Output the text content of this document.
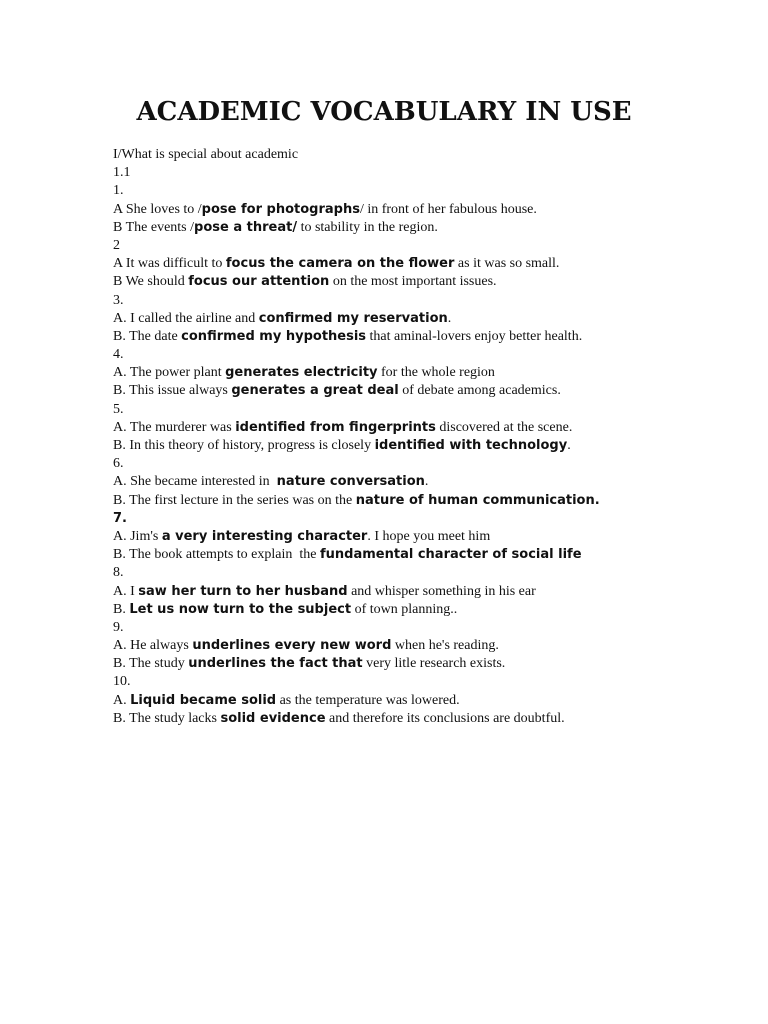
ACADEMIC VOCABULARY IN USE
I/What is special about academic
1.1
1.
A She loves to /pose for photographs/ in front of her fabulous house.
B The events /pose a threat/ to stability in the region.
2
A It was difficult to focus the camera on the flower as it was so small.
B We should focus our attention on the most important issues.
3.
A. I called the airline and confirmed my reservation.
B. The date confirmed my hypothesis that aminal-lovers enjoy better health.
4.
A. The power plant generates electricity for the whole region
B. This issue always generates a great deal of debate among academics.
5.
A. The murderer was identified from fingerprints discovered at the scene.
B. In this theory of history, progress is closely identified with technology.
6.
A. She became interested in  nature conversation.
B. The first lecture in the series was on the nature of human communication.
7.
A. Jim's a very interesting character. I hope you meet him
B. The book attempts to explain  the fundamental character of social life
8.
A. I saw her turn to her husband and whisper something in his ear
B. Let us now turn to the subject of town planning..
9.
A. He always underlines every new word when he's reading.
B. The study underlines the fact that very litle research exists.
10.
A. Liquid became solid as the temperature was lowered.
B. The study lacks solid evidence and therefore its conclusions are doubtful.
